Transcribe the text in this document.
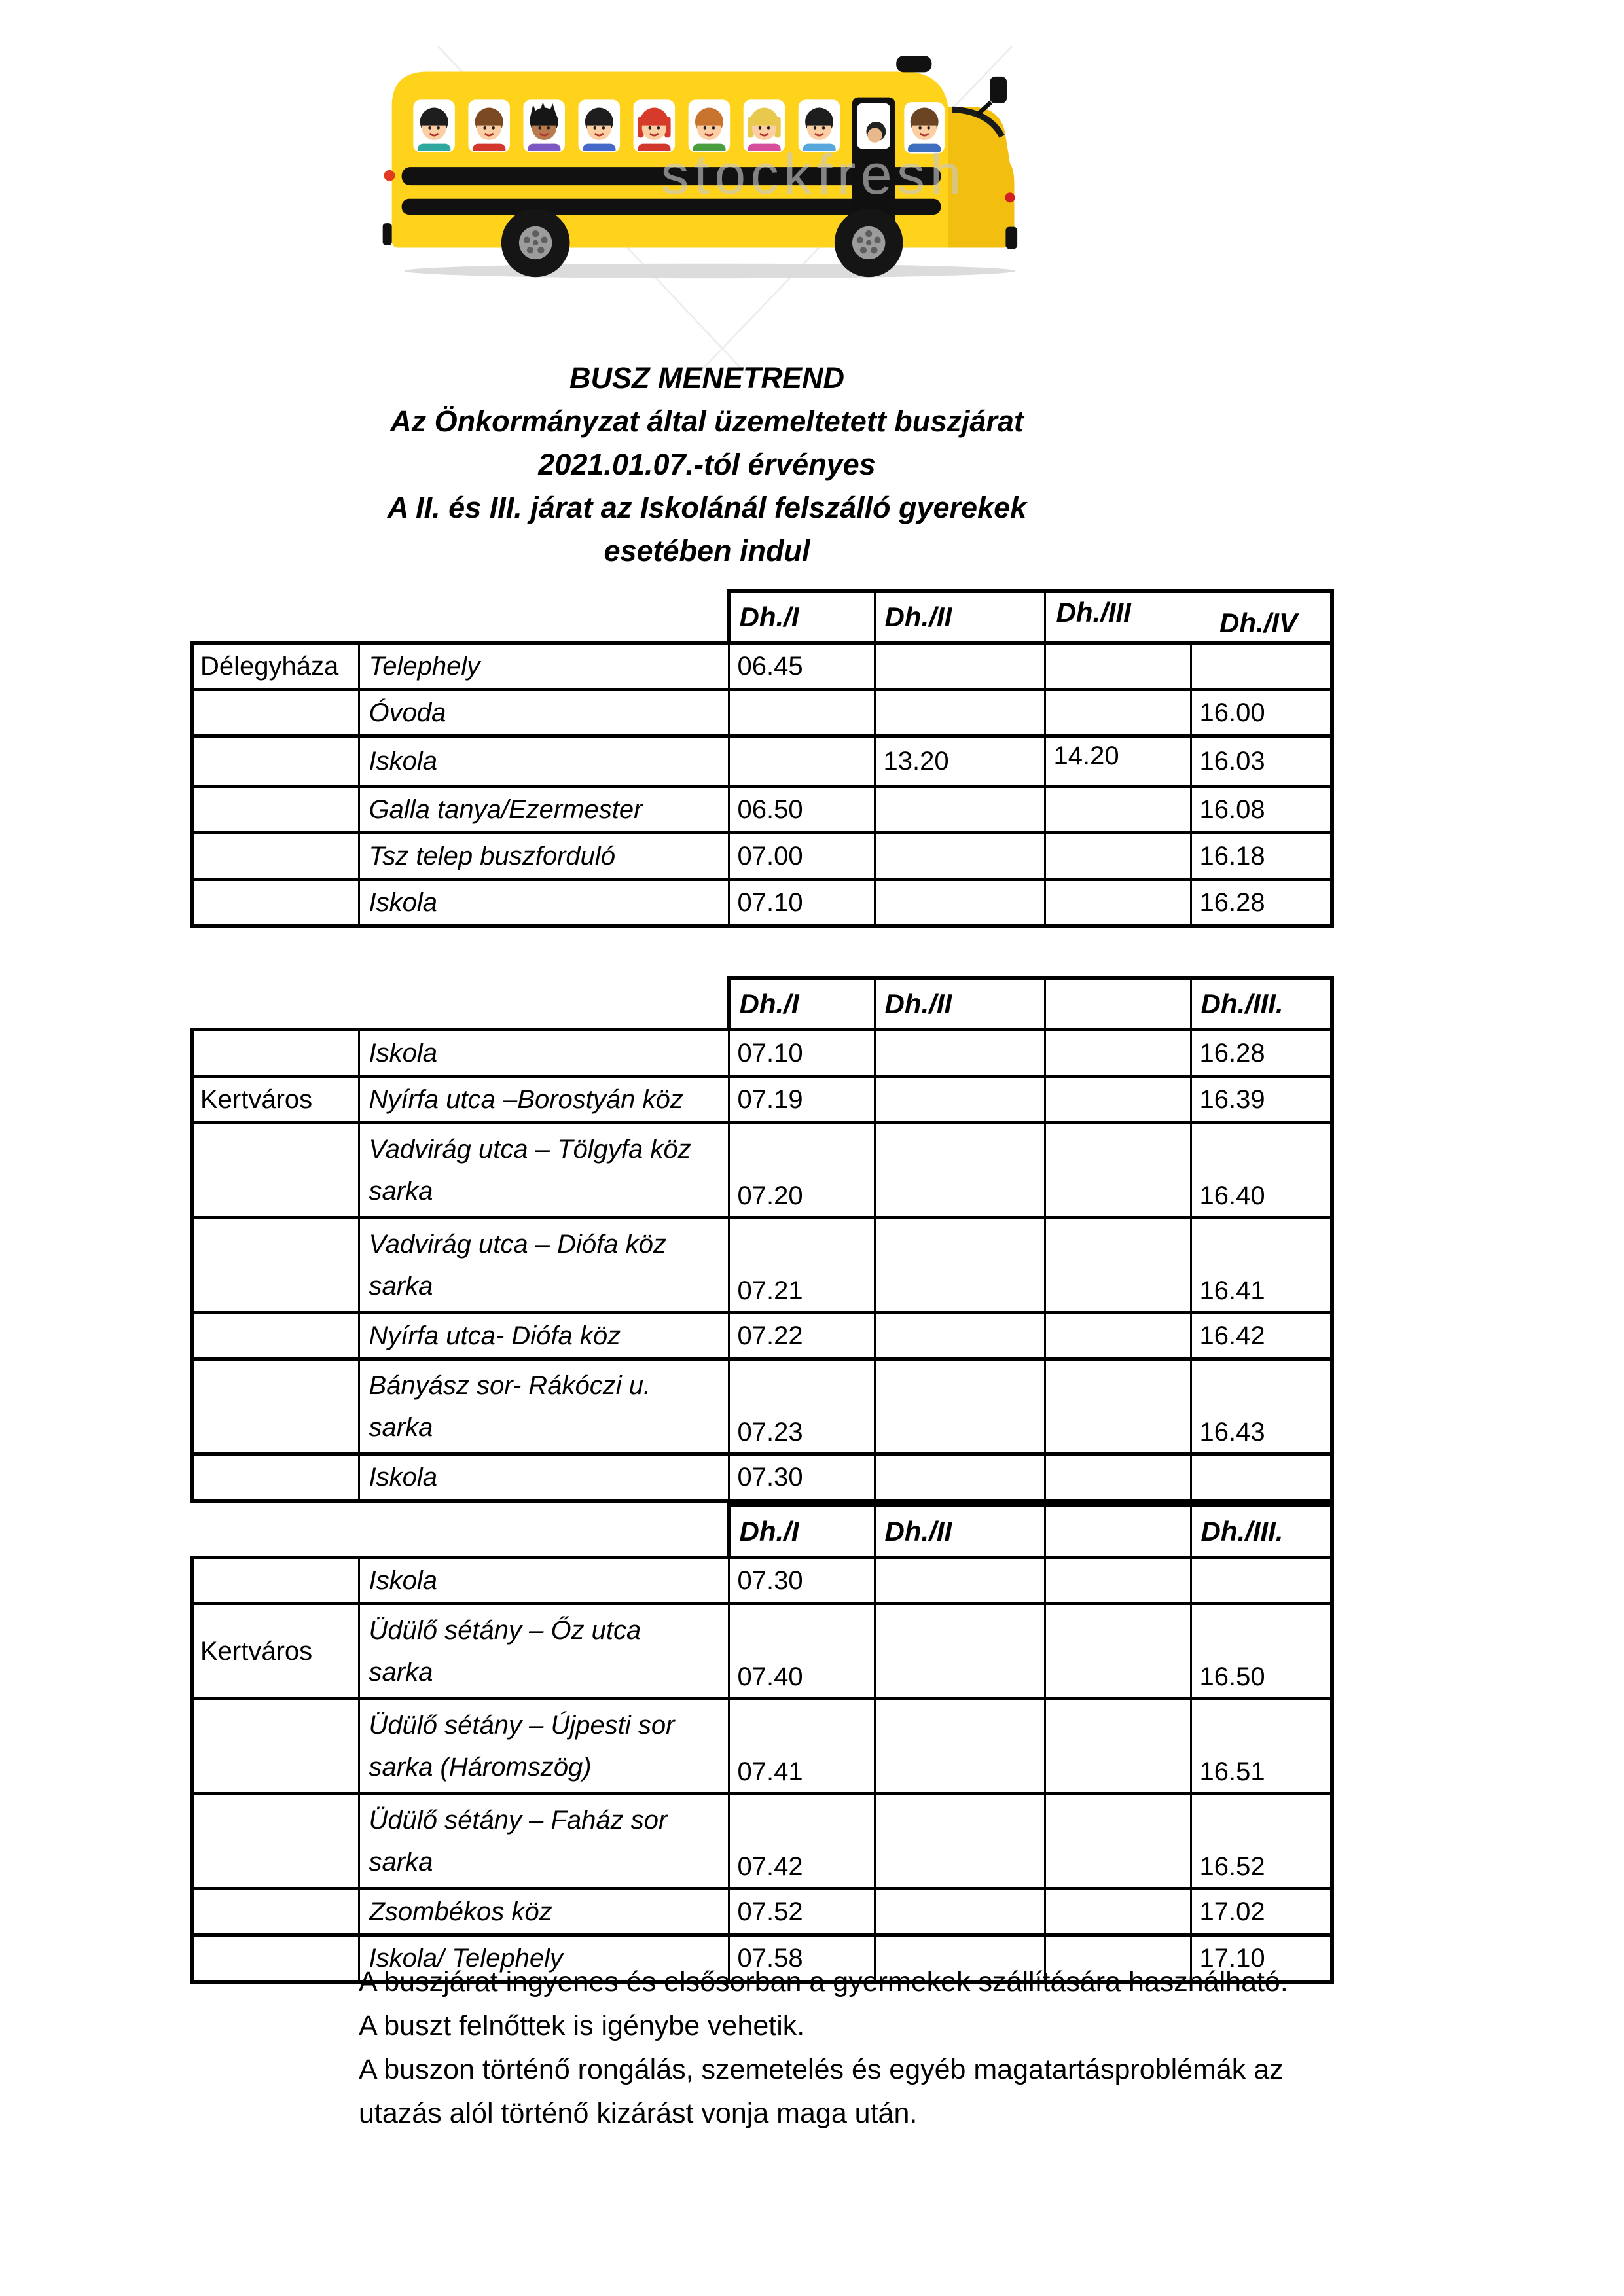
stockfresh
BUSZ MENETREND
Az Önkormányzat által üzemeltetett buszjárat
2021.01.07.-tól érvényes
A II. és III. járat az Iskolánál felszálló gyerekek
esetében indul
		Dh./I	Dh./II	Dh./III Dh./IV	

Délegyháza	Telephely	06.45			
	Óvoda				16.00
	Iskola		13.20	14.20	16.03
	Galla tanya/Ezermester	06.50			16.08
	Tsz telep buszforduló	07.00			16.18
	Iskola	07.10			16.28
		Dh./I	Dh./II		Dh./III.
	Iskola	07.10			16.28
Kertváros	Nyírfa utca –Borostyán köz	07.19			16.39

	Vadvirág utca – Tölgyfa köz
sarka	07.20			16.40

	Vadvirág utca – Diófa köz
sarka	07.21			16.41
	Nyírfa utca- Diófa köz	07.22			16.42

	Bányász sor- Rákóczi u.
sarka	07.23			16.43
	Iskola	07.30			
		Dh./I	Dh./II		Dh./III.
	Iskola	07.30			
Kertváros	Üdülő sétány – Őz utca
sarka	07.40			16.50

	Üdülő sétány – Újpesti sor
sarka (Háromszög)	07.41			16.51

	Üdülő sétány – Faház sor
sarka	07.42			16.52
	Zsombékos köz	07.52			17.02
	Iskola/ Telephely	07.58			17.10
A buszjárat ingyenes és elsősorban a gyermekek szállítására használható.
A buszt felnőttek is igénybe vehetik.
A buszon történő rongálás, szemetelés és egyéb magatartásproblémák az
utazás alól történő kizárást vonja maga után.
